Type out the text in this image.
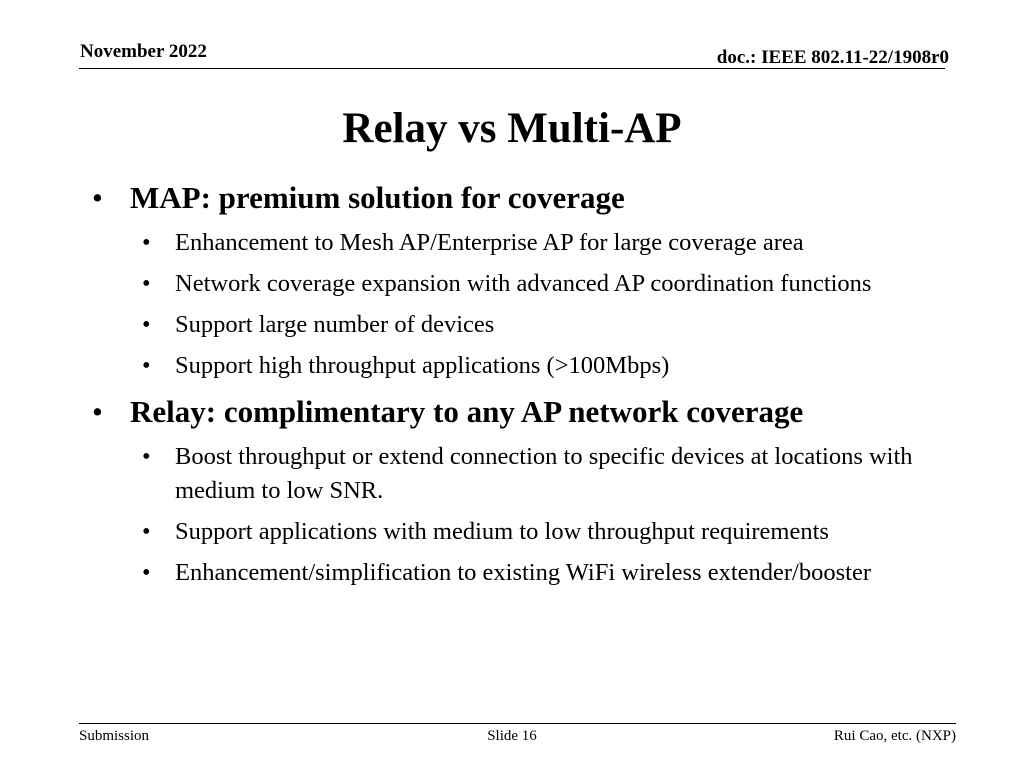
November 2022	doc.: IEEE 802.11-22/1908r0
Relay vs Multi-AP
• MAP: premium solution for coverage
• Enhancement to Mesh AP/Enterprise AP for large coverage area
• Network coverage expansion with advanced AP coordination functions
• Support large number of devices
• Support high throughput applications (>100Mbps)
• Relay: complimentary to any AP network coverage
• Boost throughput or extend connection to specific devices at locations with medium to low SNR.
• Support applications with medium to low throughput requirements
• Enhancement/simplification to existing WiFi wireless extender/booster
Submission	Slide 16	Rui Cao, etc. (NXP)
